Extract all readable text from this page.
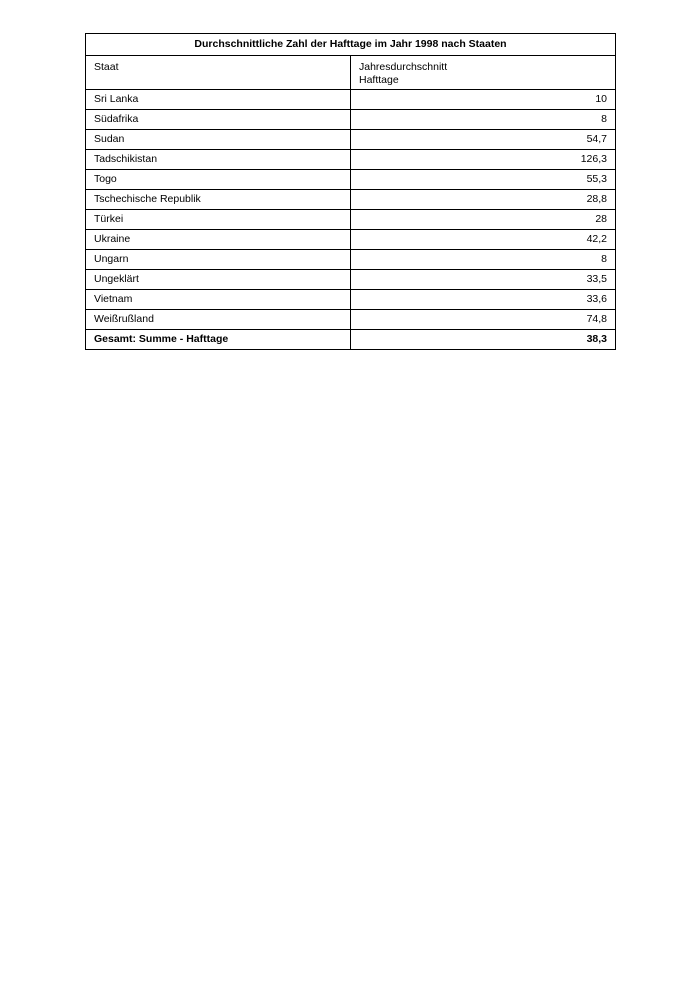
Durchschnittliche Zahl der Hafttage im Jahr 1998 nach Staaten	
Staat	Jahresdurchschnitt
Hafttage

Sri Lanka	10
Südafrika	8
Sudan	54,7
Tadschikistan	126,3
Togo	55,3
Tschechische Republik	28,8
Türkei	28
Ukraine	42,2
Ungarn	8
Ungeklärt	33,5
Vietnam	33,6
Weißrußland	74,8
Gesamt: Summe - Hafttage	38,3
